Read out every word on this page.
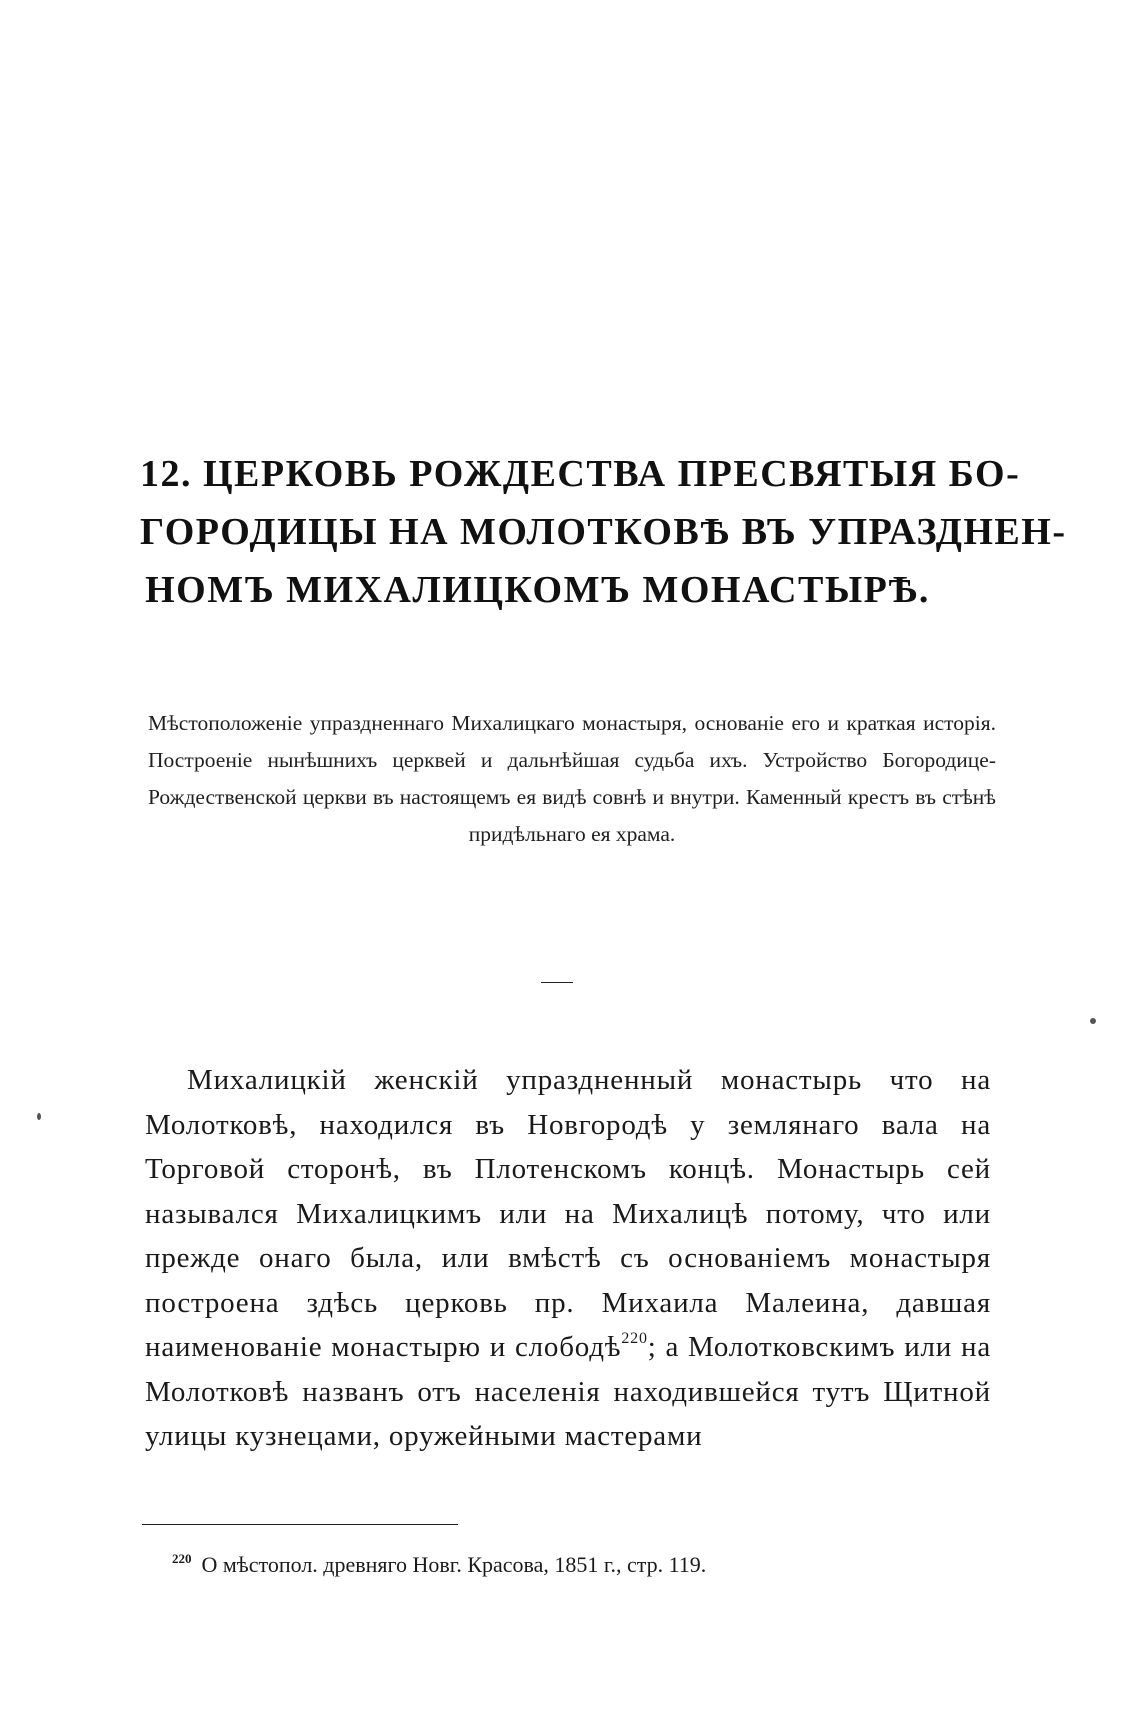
12. ЦЕРКОВЬ РОЖДЕСТВА ПРЕСВЯТЫЯ БО-
ГОРОДИЦЫ НА МОЛОТКОВѢ ВЪ УПРАЗДНЕН-
НОМЪ МИХАЛИЦКОМЪ МОНАСТЫРѢ.
Мѣстоположеніе упраздненнаго Михалицкаго монастыря, основаніе его и краткая исторія. Построеніе нынѣшнихъ церквей и дальнѣйшая судьба ихъ. Устройство Богородице-Рождественской церкви въ настоящемъ ея видѣ совнѣ и внутри. Каменный крестъ въ стѣнѣ придѣльнаго ея храма.
Михалицкій женскій упраздненный монастырь что на Молотковѣ, находился въ Новгородѣ у землянаго вала на Торговой сторонѣ, въ Плотенскомъ концѣ. Монастырь сей назывался Михалицкимъ или на Михалицѣ потому, что или прежде онаго была, или вмѣстѣ съ основаніемъ монастыря построена здѣсь церковь пр. Михаила Малеина, давшая наименованіе монастырю и слободѣ$^{220}$; а Молотковскимъ или на Молотковѣ названъ отъ населенія находившейся тутъ Щитной улицы кузнецами, оружейными мастерами
$^{220}$ О мѣстопол. древняго Новг. Красова, 1851 г., стр. 119.
